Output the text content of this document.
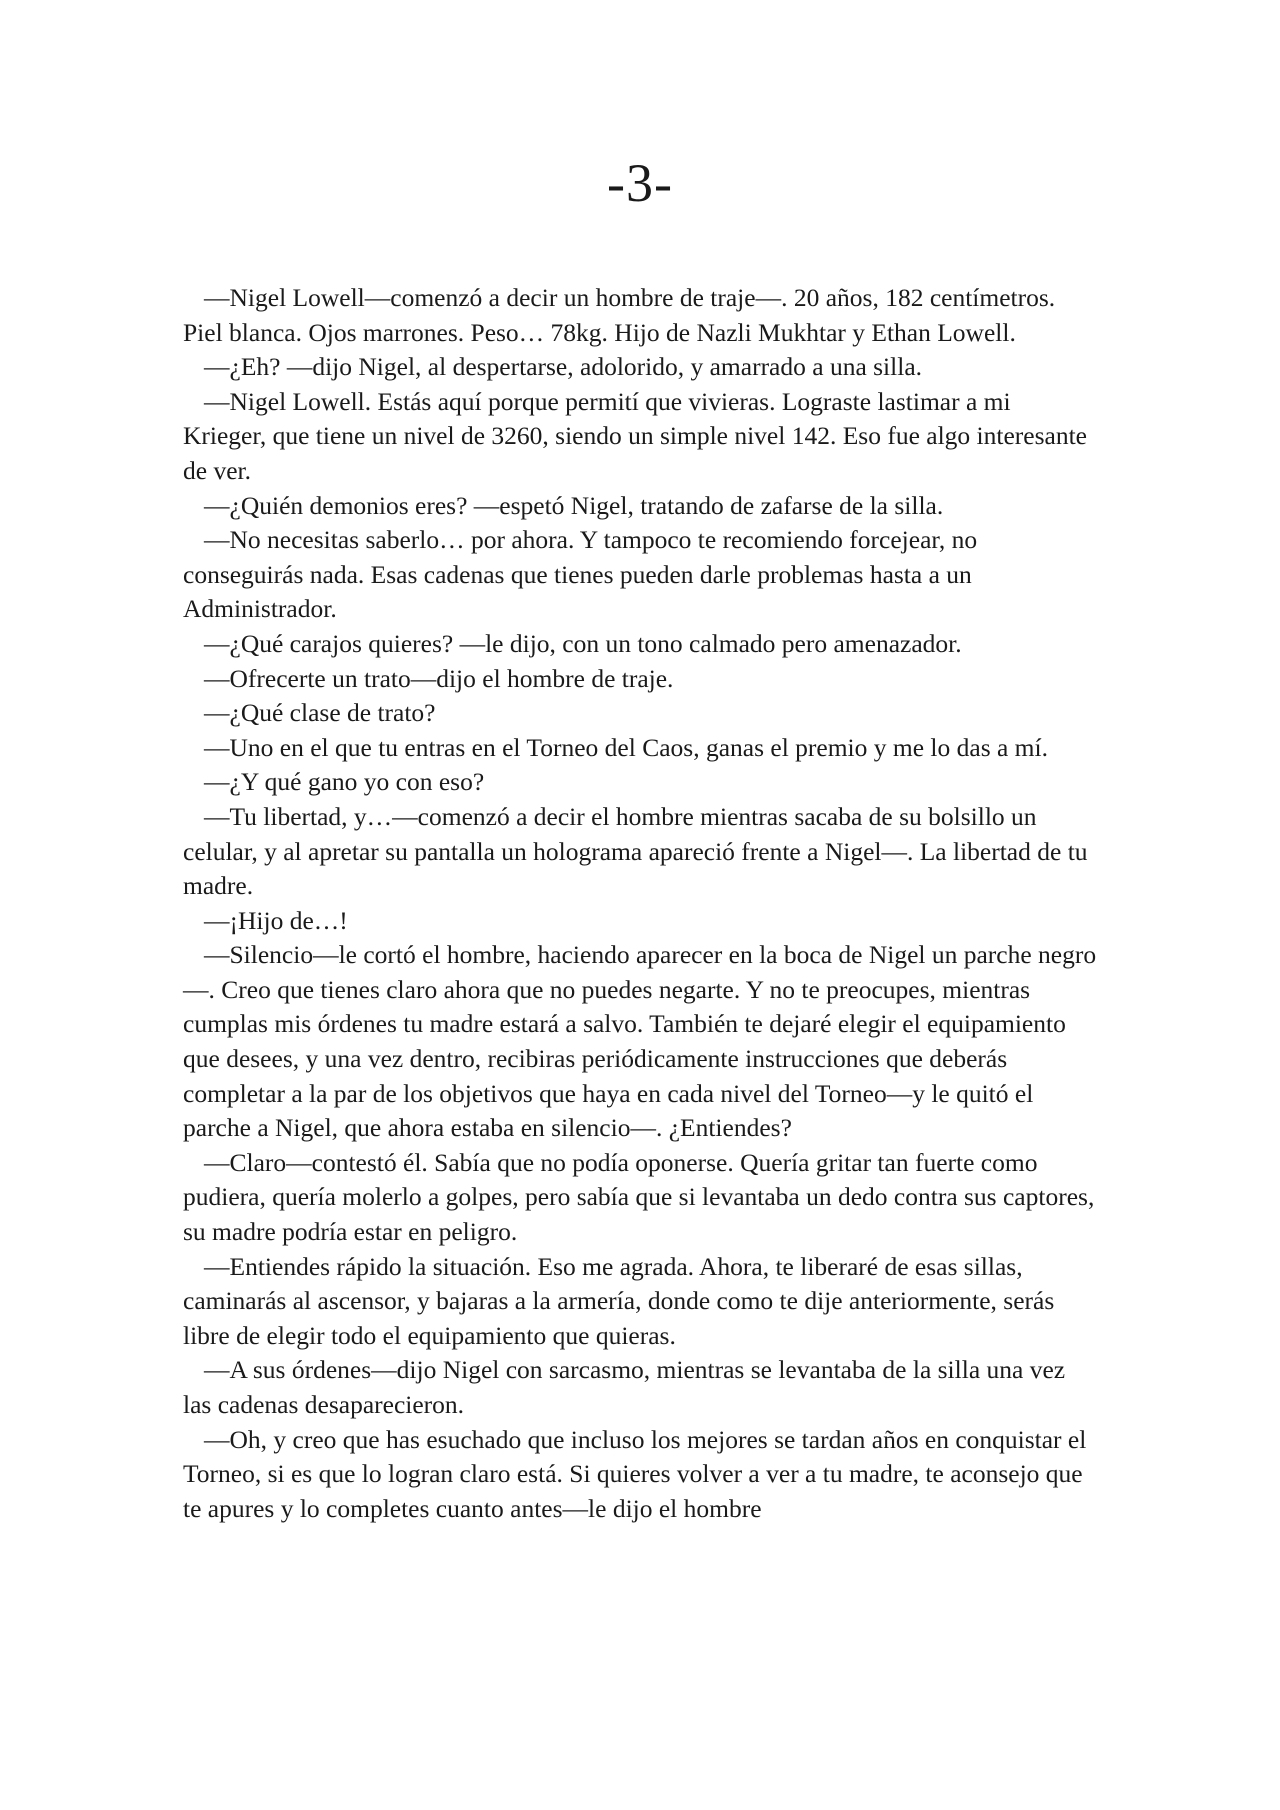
-3-

—Nigel Lowell—comenzó a decir un hombre de traje—. 20 años, 182 centímetros. Piel blanca. Ojos marrones. Peso… 78kg. Hijo de Nazli Mukhtar y Ethan Lowell.

—¿Eh? —dijo Nigel, al despertarse, adolorido, y amarrado a una silla.

—Nigel Lowell. Estás aquí porque permití que vivieras. Lograste lastimar a mi Krieger, que tiene un nivel de 3260, siendo un simple nivel 142. Eso fue algo interesante de ver.

—¿Quién demonios eres? —espetó Nigel, tratando de zafarse de la silla.

—No necesitas saberlo… por ahora. Y tampoco te recomiendo forcejear, no conseguirás nada. Esas cadenas que tienes pueden darle problemas hasta a un Administrador.

—¿Qué carajos quieres? —le dijo, con un tono calmado pero amenazador.

—Ofrecerte un trato—dijo el hombre de traje.

—¿Qué clase de trato?

—Uno en el que tu entras en el Torneo del Caos, ganas el premio y me lo das a mí.

—¿Y qué gano yo con eso?

—Tu libertad, y…—comenzó a decir el hombre mientras sacaba de su bolsillo un celular, y al apretar su pantalla un holograma apareció frente a Nigel—. La libertad de tu madre.

—¡Hijo de…!

—Silencio—le cortó el hombre, haciendo aparecer en la boca de Nigel un parche negro—. Creo que tienes claro ahora que no puedes negarte. Y no te preocupes, mientras cumplas mis órdenes tu madre estará a salvo. También te dejaré elegir el equipamiento que desees, y una vez dentro, recibiras periódicamente instrucciones que deberás completar a la par de los objetivos que haya en cada nivel del Torneo—y le quitó el parche a Nigel, que ahora estaba en silencio—. ¿Entiendes?

—Claro—contestó él. Sabía que no podía oponerse. Quería gritar tan fuerte como pudiera, quería molerlo a golpes, pero sabía que si levantaba un dedo contra sus captores, su madre podría estar en peligro.

—Entiendes rápido la situación. Eso me agrada. Ahora, te liberaré de esas sillas, caminarás al ascensor, y bajaras a la armería, donde como te dije anteriormente, serás libre de elegir todo el equipamiento que quieras.

—A sus órdenes—dijo Nigel con sarcasmo, mientras se levantaba de la silla una vez las cadenas desaparecieron.

—Oh, y creo que has esuchado que incluso los mejores se tardan años en conquistar el Torneo, si es que lo logran claro está. Si quieres volver a ver a tu madre, te aconsejo que te apures y lo completes cuanto antes—le dijo el hombre
